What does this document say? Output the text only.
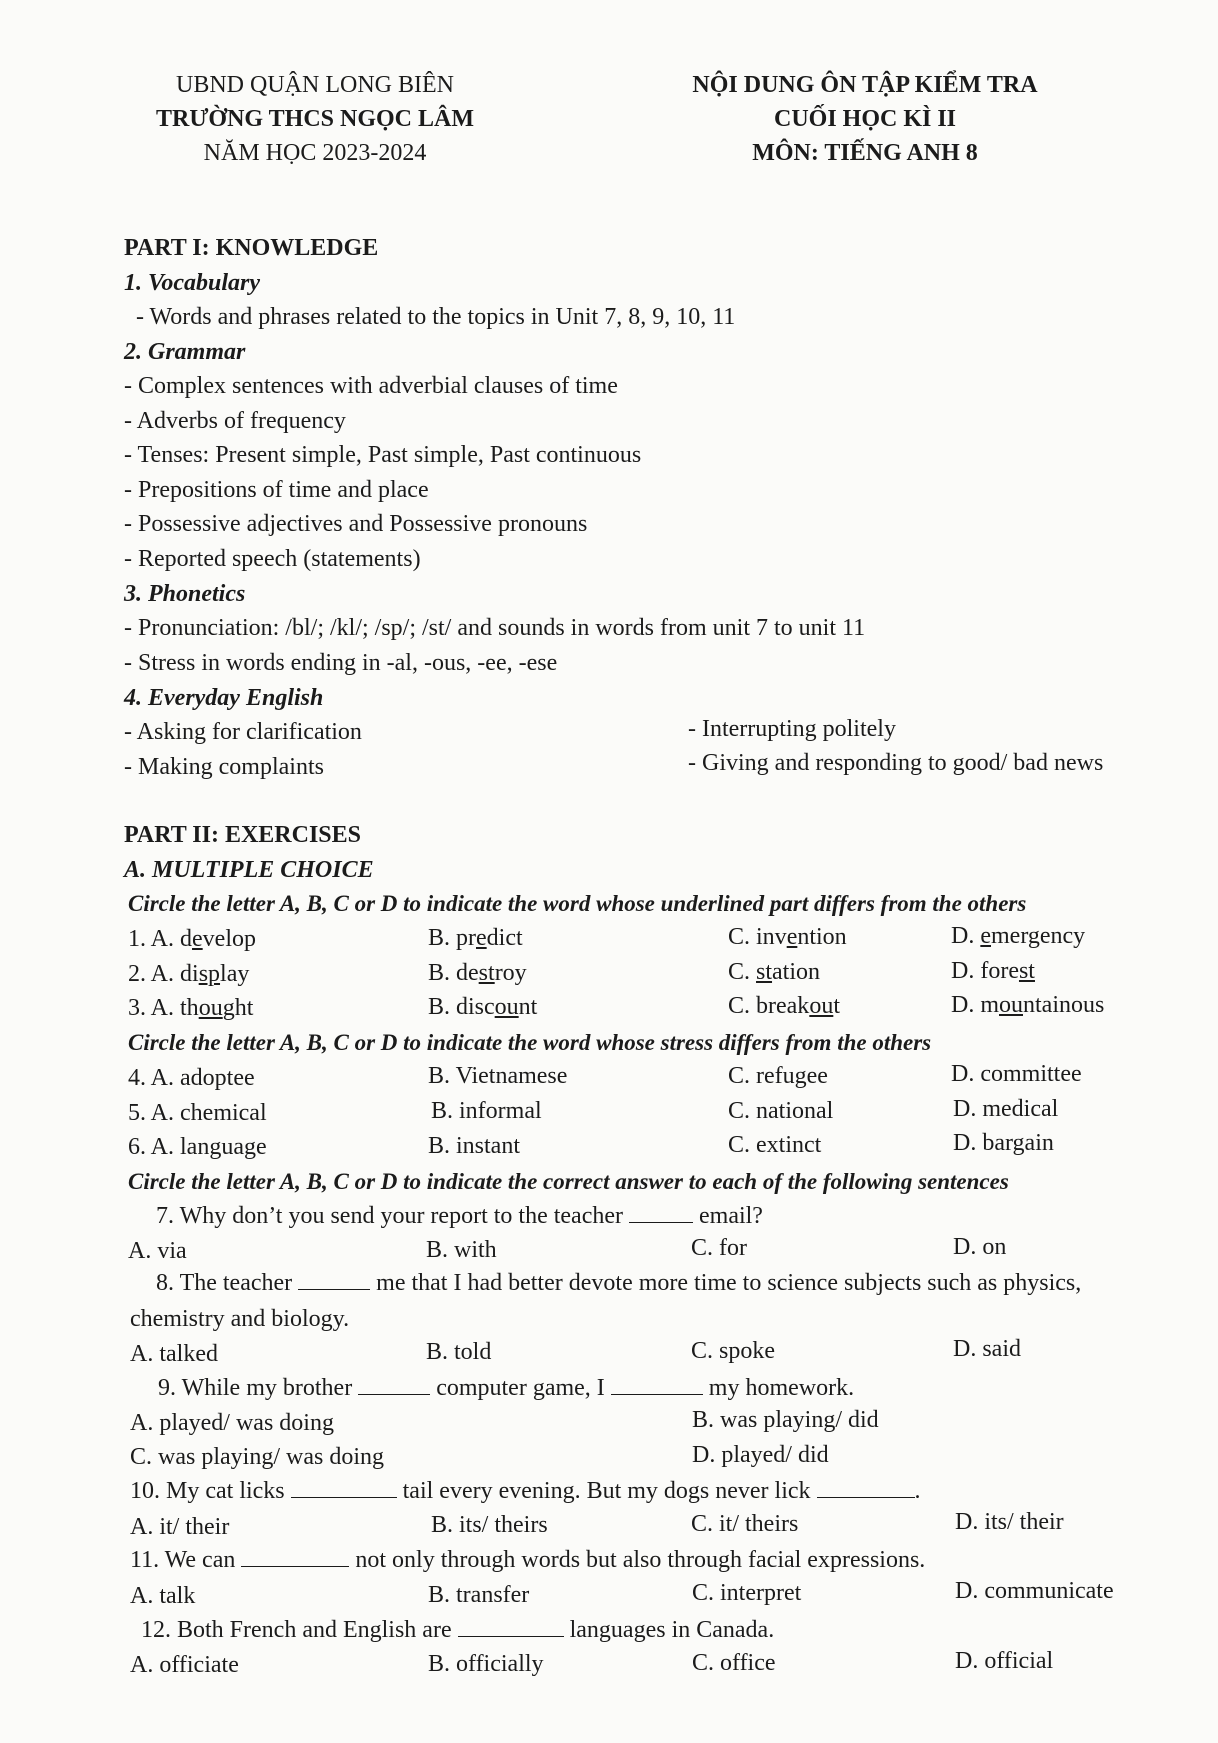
UBND QUẬN LONG BIÊN
TRƯỜNG THCS NGỌC LÂM
NĂM HỌC 2023-2024
NỘI DUNG ÔN TẬP KIỂM TRA
CUỐI HỌC KÌ II
MÔN: TIẾNG ANH 8
PART I: KNOWLEDGE
1. Vocabulary
- Words and phrases related to the topics in Unit 7, 8, 9, 10, 11
2. Grammar
- Complex sentences with adverbial clauses of time
- Adverbs of frequency
- Tenses: Present simple, Past simple, Past continuous
- Prepositions of time and place
- Possessive adjectives and Possessive pronouns
- Reported speech (statements)
3. Phonetics
- Pronunciation: /bl/; /kl/; /sp/; /st/ and sounds in words from unit 7 to unit 11
- Stress in words ending in -al, -ous, -ee, -ese
4. Everyday English
- Asking for clarification	- Interrupting politely
- Making complaints	- Giving and responding to good/ bad news
PART II: EXERCISES
A. MULTIPLE CHOICE
Circle the letter A, B, C or D to indicate the word whose underlined part differs from the others
1. A. develop	B. predict	C. invention	D. emergency
2. A. display	B. destroy	C. station	D. forest
3. A. thought	B. discount	C. breakout	D. mountainous
Circle the letter A, B, C or D to indicate the word whose stress differs from the others
4. A. adoptee	B. Vietnamese	C. refugee	D. committee
5. A. chemical	B. informal	C. national	D. medical
6. A. language	B. instant	C. extinct	D. bargain
Circle the letter A, B, C or D to indicate the correct answer to each of the following sentences
7. Why don’t you send your report to the teacher	email?
A. via	B. with	C. for	D. on
8. The teacher	me that I had better devote more time to science subjects such as physics,
chemistry and biology.
A. talked	B. told	C. spoke	D. said
9. While my brother	computer game, I	my homework.
A. played/ was doing	B. was playing/ did
C. was playing/ was doing	D. played/ did
10. My cat licks	tail every evening. But my dogs never lick	.
A. it/ their	B. its/ theirs	C. it/ theirs	D. its/ their
11. We can	not only through words but also through facial expressions.
A. talk	B. transfer	C. interpret	D. communicate
12. Both French and English are	languages in Canada.
A. officiate	B. officially	C. office	D. official
